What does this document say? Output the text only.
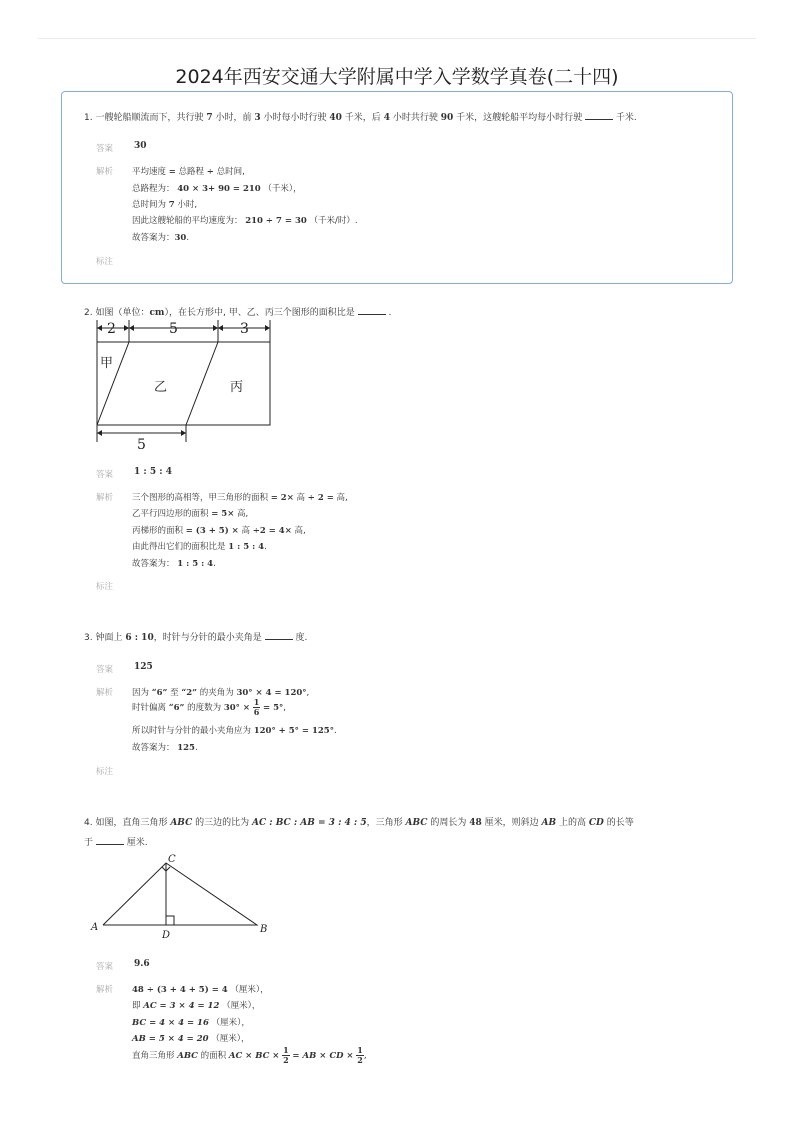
2024年西安交通大学附属中学入学数学真卷(二十四)
1. 一艘轮船顺流而下，共行驶 7 小时，前 3 小时每小时行驶 40 千米，后 4 小时共行驶 90 千米，这艘轮船平均每小时行驶	千米.
答案 30
解析 平均速度 = 总路程 ÷ 总时间,
总路程为： 40 × 3+ 90 = 210 （千米），
总时间为 7 小时,
因此这艘轮船的平均速度为： 210 ÷ 7 = 30 （千米/时）.
故答案为：30.
标注
2. 如图（单位：cm），在长方形中, 甲、乙、丙三个图形的面积比是	.
2	5	3
甲
乙	丙
5
答案 1 : 5 : 4
解析 三个图形的高相等，甲三角形的面积 = 2× 高 ÷ 2 = 高,
乙平行四边形的面积 = 5× 高,
丙梯形的面积 = (3 + 5) × 高 ÷2 = 4× 高,
由此得出它们的面积比是 1 : 5 : 4.
故答案为： 1 : 5 : 4.
标注
3. 钟面上 6 : 10，时针与分针的最小夹角是	度.
答案 125
解析 因为 “6” 至 “2” 的夹角为 30° × 4 = 120°,
时针偏离 “6” 的度数为 $30^\circ \times \frac{1}{6} = 5^\circ$,
所以时针与分针的最小夹角应为 120° + 5° = 125°.
故答案为： 125.
标注
4. 如图，直角三角形 ABC 的三边的比为 AC : BC : AB = 3 : 4 : 5，三角形 ABC 的周长为 48 厘米，则斜边 AB 上的高 CD 的长等
于	厘米.
C
A	B
D
答案 9.6
解析 48 ÷ (3 + 4 + 5) = 4 （厘米），
即 AC = 3 × 4 = 12 （厘米），
BC = 4 × 4 = 16 （厘米），
AB = 5 × 4 = 20 （厘米），
直角三角形 ABC 的面积 AC × BC × $\frac{1}{2}$ = AB × CD × $\frac{1}{2}$ ,
